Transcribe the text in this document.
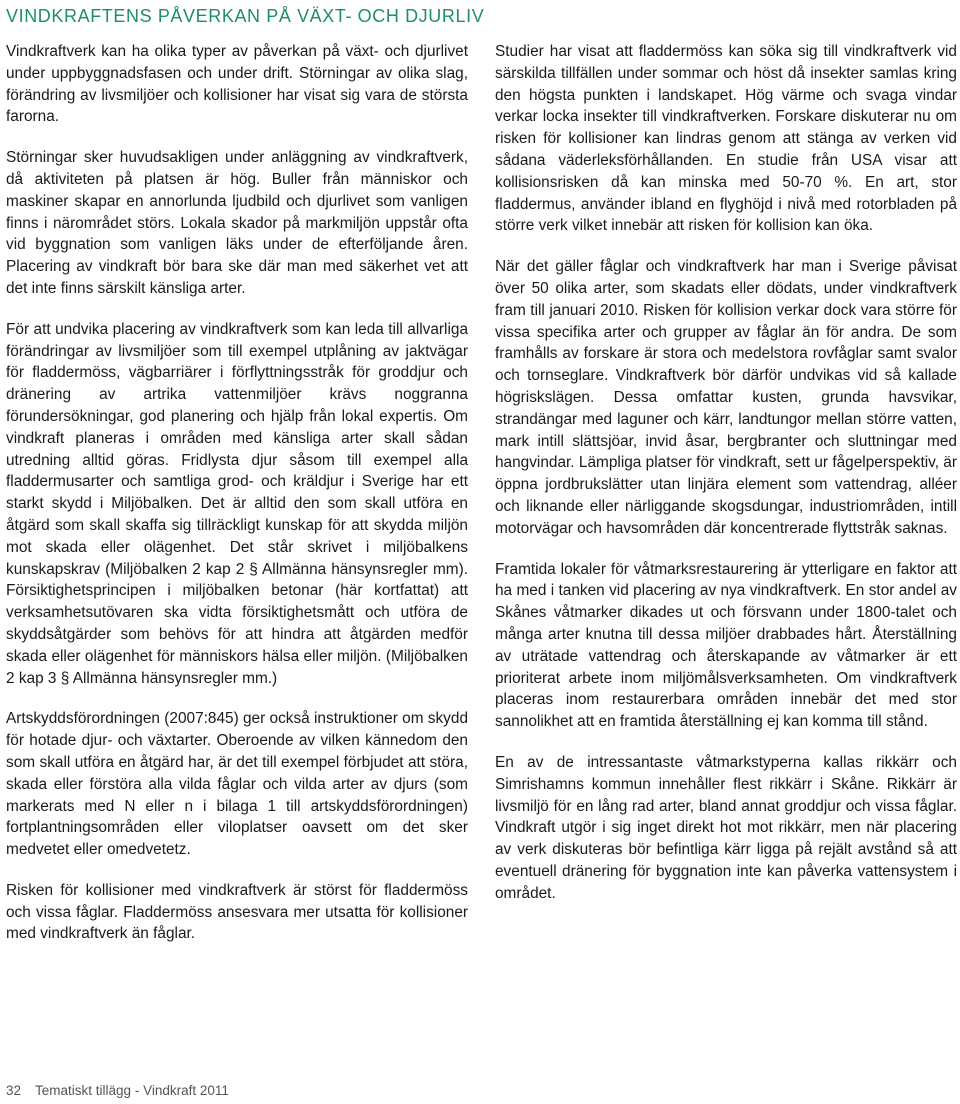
VINDKRAFTENS PÅVERKAN PÅ VÄXT- OCH DJURLIV

Vindkraftverk kan ha olika typer av påverkan på växt- och djurlivet under uppbyggnadsfasen och under drift. Störningar av olika slag, förändring av livsmiljöer och kollisioner har visat sig vara de största farorna.

Störningar sker huvudsakligen under anläggning av vindkraftverk, då aktiviteten på platsen är hög. Buller från människor och maskiner skapar en annorlunda ljudbild och djurlivet som vanligen finns i närområdet störs. Lokala skador på markmiljön uppstår ofta vid byggnation som vanligen läks under de efterföljande åren. Placering av vindkraft bör bara ske där man med säkerhet vet att det inte finns särskilt känsliga arter.

För att undvika placering av vindkraftverk som kan leda till allvarliga förändringar av livsmiljöer som till exempel utplåning av jaktvägar för fladdermöss, vägbarriärer i förflyttningsstråk för groddjur och dränering av artrika vattenmiljöer krävs noggranna förundersökningar, god planering och hjälp från lokal expertis. Om vindkraft planeras i områden med känsliga arter skall sådan utredning alltid göras. Fridlysta djur såsom till exempel alla fladdermusarter och samtliga grod- och kräldjur i Sverige har ett starkt skydd i Miljöbalken. Det är alltid den som skall utföra en åtgärd som skall skaffa sig tillräckligt kunskap för att skydda miljön mot skada eller olägenhet. Det står skrivet i miljöbalkens kunskapskrav (Miljöbalken 2 kap 2 § Allmänna hänsynsregler mm). Försiktighetsprincipen i miljöbalken betonar (här kortfattat) att verksamhetsutövaren ska vidta försiktighetsmått och utföra de skyddsåtgärder som behövs för att hindra att åtgärden medför skada eller olägenhet för människors hälsa eller miljön. (Miljöbalken 2 kap 3 § Allmänna hänsynsregler mm.)

Artskyddsförordningen (2007:845) ger också instruktioner om skydd för hotade djur- och växtarter. Oberoende av vilken kännedom den som skall utföra en åtgärd har, är det till exempel förbjudet att störa, skada eller förstöra alla vilda fåglar och vilda arter av djurs (som markerats med N eller n i bilaga 1 till artskyddsförordningen) fortplantningsområden eller viloplatser oavsett om det sker medvetet eller omedvetetz.

Risken för kollisioner med vindkraftverk är störst för fladdermöss och vissa fåglar. Fladdermöss ansesvara mer utsatta för kollisioner med vindkraftverk än fåglar.

Studier har visat att fladdermöss kan söka sig till vindkraftverk vid särskilda tillfällen under sommar och höst då insekter samlas kring den högsta punkten i landskapet. Hög värme och svaga vindar verkar locka insekter till vindkraftverken. Forskare diskuterar nu om risken för kollisioner kan lindras genom att stänga av verken vid sådana väderleksförhållanden. En studie från USA visar att kollisionsrisken då kan minska med 50-70 %. En art, stor fladdermus, använder ibland en flyghöjd i nivå med rotorbladen på större verk vilket innebär att risken för kollision kan öka.

När det gäller fåglar och vindkraftverk har man i Sverige påvisat över 50 olika arter, som skadats eller dödats, under vindkraftverk fram till januari 2010. Risken för kollision verkar dock vara större för vissa specifika arter och grupper av fåglar än för andra. De som framhålls av forskare är stora och medelstora rovfåglar samt svalor och tornseglare. Vindkraftverk bör därför undvikas vid så kallade högriskslägen. Dessa omfattar kusten, grunda havsvikar, strandängar med laguner och kärr, landtungor mellan större vatten, mark intill slättsjöar, invid åsar, bergbranter och sluttningar med hangvindar. Lämpliga platser för vindkraft, sett ur fågelperspektiv, är öppna jordbrukslätter utan linjära element som vattendrag, alléer och liknande eller närliggande skogsdungar, industriområden, intill motorvägar och havsområden där koncentrerade flyttstråk saknas.

Framtida lokaler för våtmarksrestaurering är ytterligare en faktor att ha med i tanken vid placering av nya vindkraftverk. En stor andel av Skånes våtmarker dikades ut och försvann under 1800-talet och många arter knutna till dessa miljöer drabbades hårt. Återställning av uträtade vattendrag och återskapande av våtmarker är ett prioriterat arbete inom miljömålsverksamheten. Om vindkraftverk placeras inom restaurerbara områden innebär det med stor sannolikhet att en framtida återställning ej kan komma till stånd.

En av de intressantaste våtmarkstyperna kallas rikkärr och Simrishamns kommun innehåller flest rikkärr i Skåne. Rikkärr är livsmiljö för en lång rad arter, bland annat groddjur och vissa fåglar. Vindkraft utgör i sig inget direkt hot mot rikkärr, men när placering av verk diskuteras bör befintliga kärr ligga på rejält avstånd så att eventuell dränering för byggnation inte kan påverka vattensystem i området.

32 Tematiskt tillägg - Vindkraft 2011
